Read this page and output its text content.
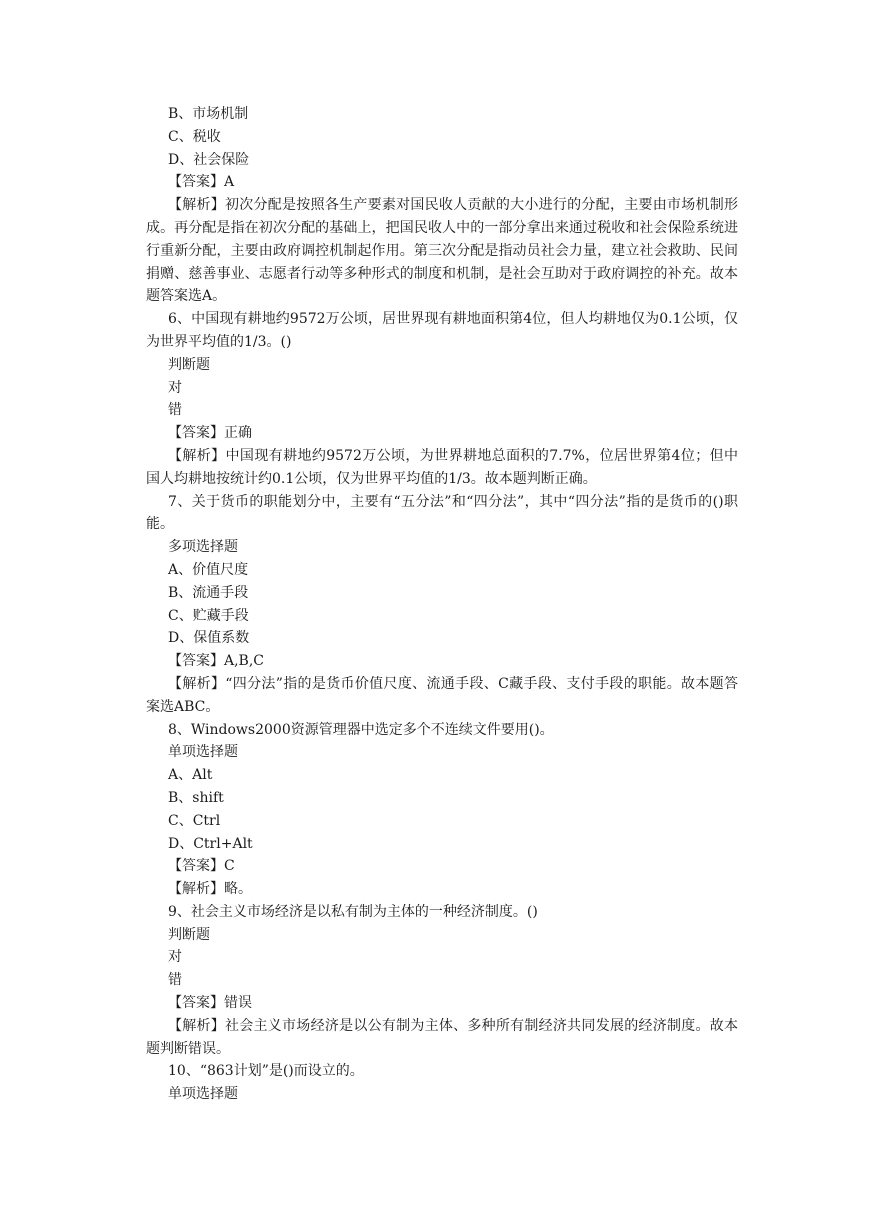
B、市场机制
C、税收
D、社会保险
【答案】A

【解析】初次分配是按照各生产要素对国民收人贡献的大小进行的分配，主要由市场机制形成。再分配是指在初次分配的基础上，把国民收人中的一部分拿出来通过税收和社会保险系统进行重新分配，主要由政府调控机制起作用。第三次分配是指动员社会力量，建立社会救助、民间捐赠、慈善事业、志愿者行动等多种形式的制度和机制，是社会互助对于政府调控的补充。故本题答案选A。

6、中国现有耕地约9572万公顷，居世界现有耕地面积第4位，但人均耕地仅为0.1公顷，仅为世界平均值的1/3。()

判断题
对
错
【答案】正确

【解析】中国现有耕地约9572万公顷，为世界耕地总面积的7.7%，位居世界第4位；但中国人均耕地按统计约0.1公顷，仅为世界平均值的1/3。故本题判断正确。

7、关于货币的职能划分中，主要有“五分法”和“四分法”，其中“四分法”指的是货币的()职能。

多项选择题
A、价值尺度
B、流通手段
C、贮藏手段
D、保值系数
【答案】A,B,C

【解析】“四分法”指的是货币价值尺度、流通手段、C藏手段、支付手段的职能。故本题答案选ABC。

8、Windows2000资源管理器中选定多个不连续文件要用()。

单项选择题
A、Alt
B、shift
C、Ctrl
D、Ctrl+Alt
【答案】C
【解析】略。

9、社会主义市场经济是以私有制为主体的一种经济制度。()

判断题
对
错
【答案】错误

【解析】社会主义市场经济是以公有制为主体、多种所有制经济共同发展的经济制度。故本题判断错误。

10、“863计划”是()而设立的。

单项选择题
